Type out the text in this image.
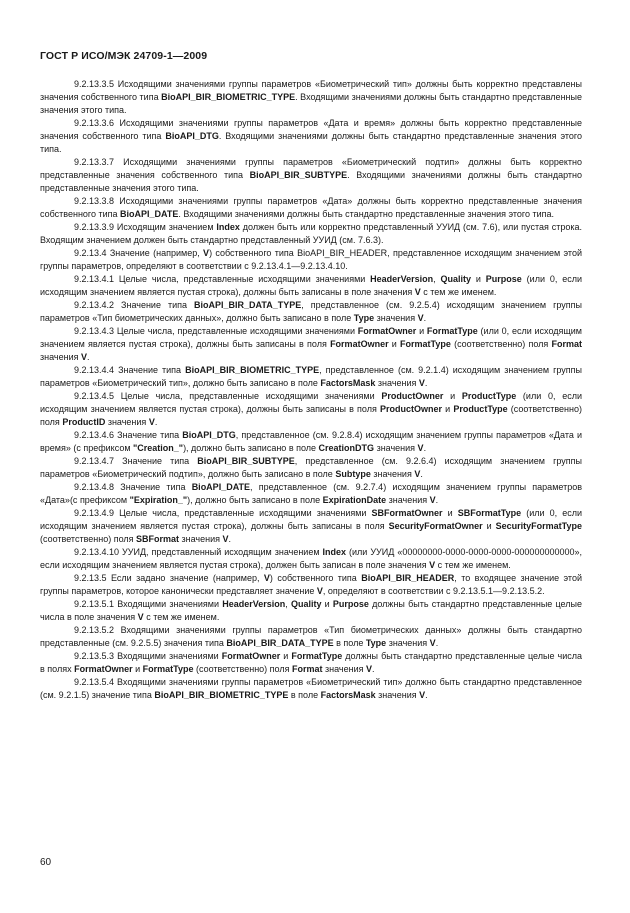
ГОСТ Р ИСО/МЭК 24709-1—2009

9.2.13.3.5 Исходящими значениями группы параметров «Биометрический тип» должны быть корректно представлены значения собственного типа BioAPI_BIR_BIOMETRIC_TYPE. Входящими значениями должны быть стандартно представленные значения этого типа.

9.2.13.3.6 Исходящими значениями группы параметров «Дата и время» должны быть корректно представленные значения собственного типа BioAPI_DTG. Входящими значениями должны быть стандартно представленные значения этого типа.

9.2.13.3.7 Исходящими значениями группы параметров «Биометрический подтип» должны быть корректно представленные значения собственного типа BioAPI_BIR_SUBTYPE. Входящими значениями должны быть стандартно представленные значения этого типа.

9.2.13.3.8 Исходящими значениями группы параметров «Дата» должны быть корректно представленные значения собственного типа BioAPI_DATE. Входящими значениями должны быть стандартно представленные значения этого типа.

9.2.13.3.9 Исходящим значением Index должен быть или корректно представленный УУИД (см. 7.6), или пустая строка. Входящим значением должен быть стандартно представленный УУИД (см. 7.6.3).

9.2.13.4 Значение (например, V) собственного типа BioAPI_BIR_HEADER, представленное исходящим значением этой группы параметров, определяют в соответствии с 9.2.13.4.1—9.2.13.4.10.

9.2.13.4.1 Целые числа, представленные исходящими значениями HeaderVersion, Quality и Purpose (или 0, если исходящим значением является пустая строка), должны быть записаны в поле значения V с тем же именем.

9.2.13.4.2 Значение типа BioAPI_BIR_DATA_TYPE, представленное (см. 9.2.5.4) исходящим значением группы параметров «Тип биометрических данных», должно быть записано в поле Type значения V.

9.2.13.4.3 Целые числа, представленные исходящими значениями FormatOwner и FormatType (или 0, если исходящим значением является пустая строка), должны быть записаны в поля FormatOwner и FormatType (соответственно) поля Format значения V.

9.2.13.4.4 Значение типа BioAPI_BIR_BIOMETRIC_TYPE, представленное (см. 9.2.1.4) исходящим значением группы параметров «Биометрический тип», должно быть записано в поле FactorsMask значения V.

9.2.13.4.5 Целые числа, представленные исходящими значениями ProductOwner и ProductType (или 0, если исходящим значением является пустая строка), должны быть записаны в поля ProductOwner и ProductType (соответственно) поля ProductID значения V.

9.2.13.4.6 Значение типа BioAPI_DTG, представленное (см. 9.2.8.4) исходящим значением группы параметров «Дата и время» (с префиксом "Creation_"), должно быть записано в поле CreationDTG значения V.

9.2.13.4.7 Значение типа BioAPI_BIR_SUBTYPE, представленное (см. 9.2.6.4) исходящим значением группы параметров «Биометрический подтип», должно быть записано в поле Subtype значения V.

9.2.13.4.8 Значение типа BioAPI_DATE, представленное (см. 9.2.7.4) исходящим значением группы параметров «Дата»(с префиксом "Expiration_"), должно быть записано в поле ExpirationDate значения V.

9.2.13.4.9 Целые числа, представленные исходящими значениями SBFormatOwner и SBFormatType (или 0, если исходящим значением является пустая строка), должны быть записаны в поля SecurityFormatOwner и SecurityFormatType (соответственно) поля SBFormat значения V.

9.2.13.4.10 УУИД, представленный исходящим значением Index (или УУИД «00000000-0000-0000-0000-000000000000», если исходящим значением является пустая строка), должен быть записан в поле значения V с тем же именем.

9.2.13.5 Если задано значение (например, V) собственного типа BioAPI_BIR_HEADER, то входящее значение этой группы параметров, которое канонически представляет значение V, определяют в соответствии с 9.2.13.5.1—9.2.13.5.2.

9.2.13.5.1 Входящими значениями HeaderVersion, Quality и Purpose должны быть стандартно представленные целые числа в поле значения V с тем же именем.

9.2.13.5.2 Входящими значениями группы параметров «Тип биометрических данных» должны быть стандартно представленные (см. 9.2.5.5) значения типа BioAPI_BIR_DATA_TYPE в поле Type значения V.

9.2.13.5.3 Входящими значениями FormatOwner и FormatType должны быть стандартно представленные целые числа в полях FormatOwner и FormatType (соответственно) поля Format значения V.

9.2.13.5.4 Входящими значениями группы параметров «Биометрический тип» должно быть стандартно представленное (см. 9.2.1.5) значение типа BioAPI_BIR_BIOMETRIC_TYPE в поле FactorsMask значения V.

60
